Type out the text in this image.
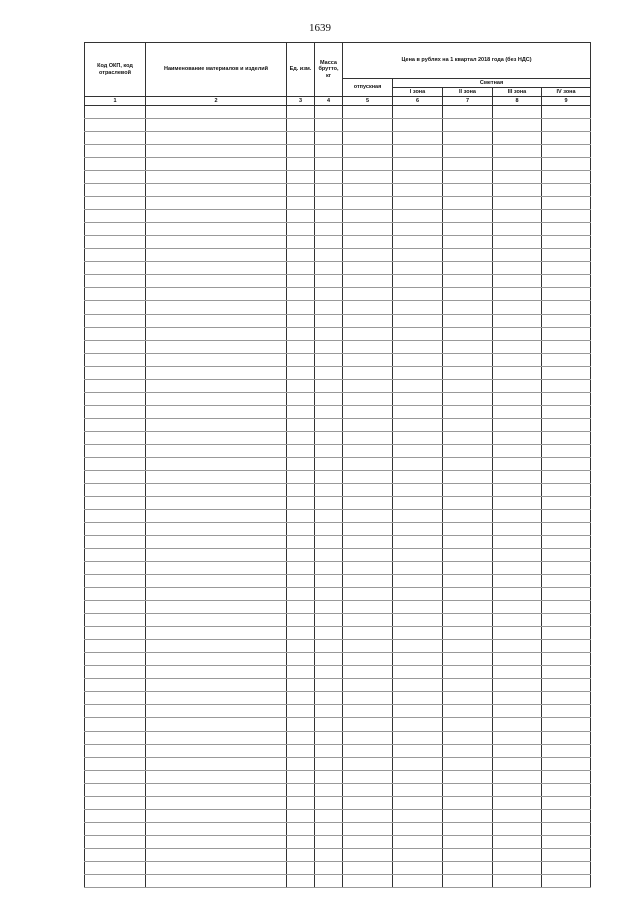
1639
Код ОКП, код отраслевой	Наименование материалов и изделий	Ед. изм.	Масса брутто, кг	Цена в рублях на 1 квартал 2018 года (без НДС)				
				отпускная	Сметная			
					I зона	II зона	III зона	IV зона
1	2	3	4	5	6	7	8	9
